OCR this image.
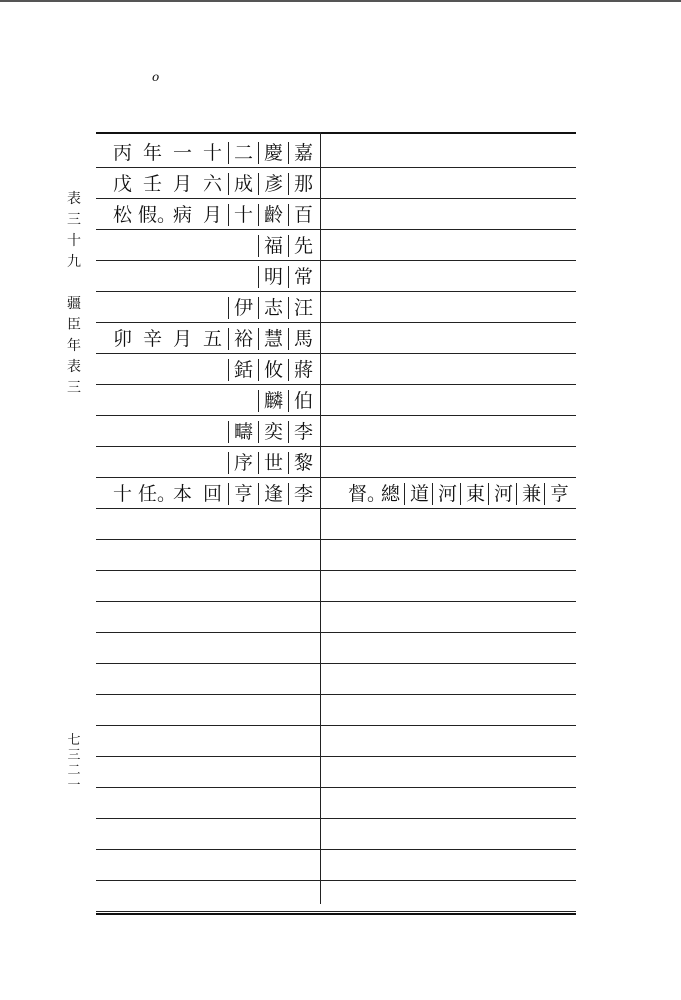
o
表
三
十
九

疆
臣
年
表
三
七
三
二
一
嘉
慶
二
十
一
年
丙
那
彥
成
六
月
壬
戊
百
齡
十
月
病
假。
松
先
福
常
明
汪
志
伊
馬
慧
裕
五
月
辛
卯
蔣
攸
銛
伯
麟
李
奕
疇
黎
世
序
李
逢
亨
回
本
任。
十	亨
兼
河
東
河
道
總
督。
